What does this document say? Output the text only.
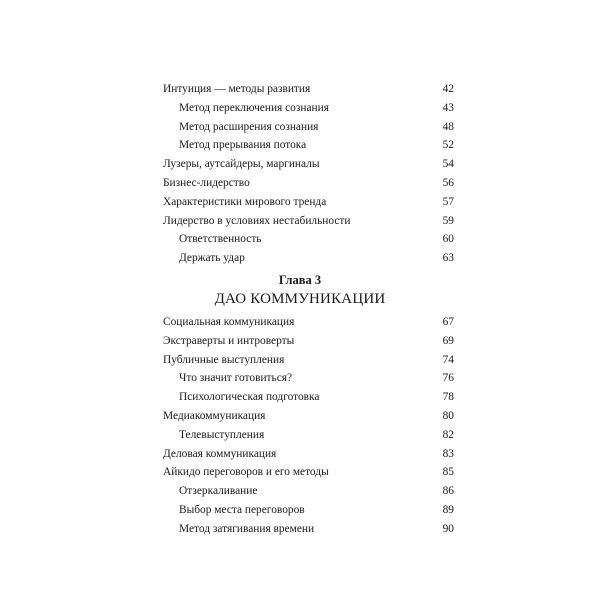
Интуиция — методы развития	42
Метод переключения сознания	43
Метод расширения сознания	48
Метод прерывания потока	52
Лузеры, аутсайдеры, маргиналы	54
Бизнес-лидерство	56
Характеристики мирового тренда	57
Лидерство в условиях нестабильности	59
Ответственность	60
Держать удар	63
Глава 3
ДАО КОММУНИКАЦИИ
Социальная коммуникация	67
Экстраверты и интроверты	69
Публичные выступления	74
Что значит готовиться?	76
Психологическая подготовка	78
Медиакоммуникация	80
Телевыступления	82
Деловая коммуникация	83
Айкидо переговоров и его методы	85
Отзеркаливание	86
Выбор места переговоров	89
Метод затягивания времени	90
